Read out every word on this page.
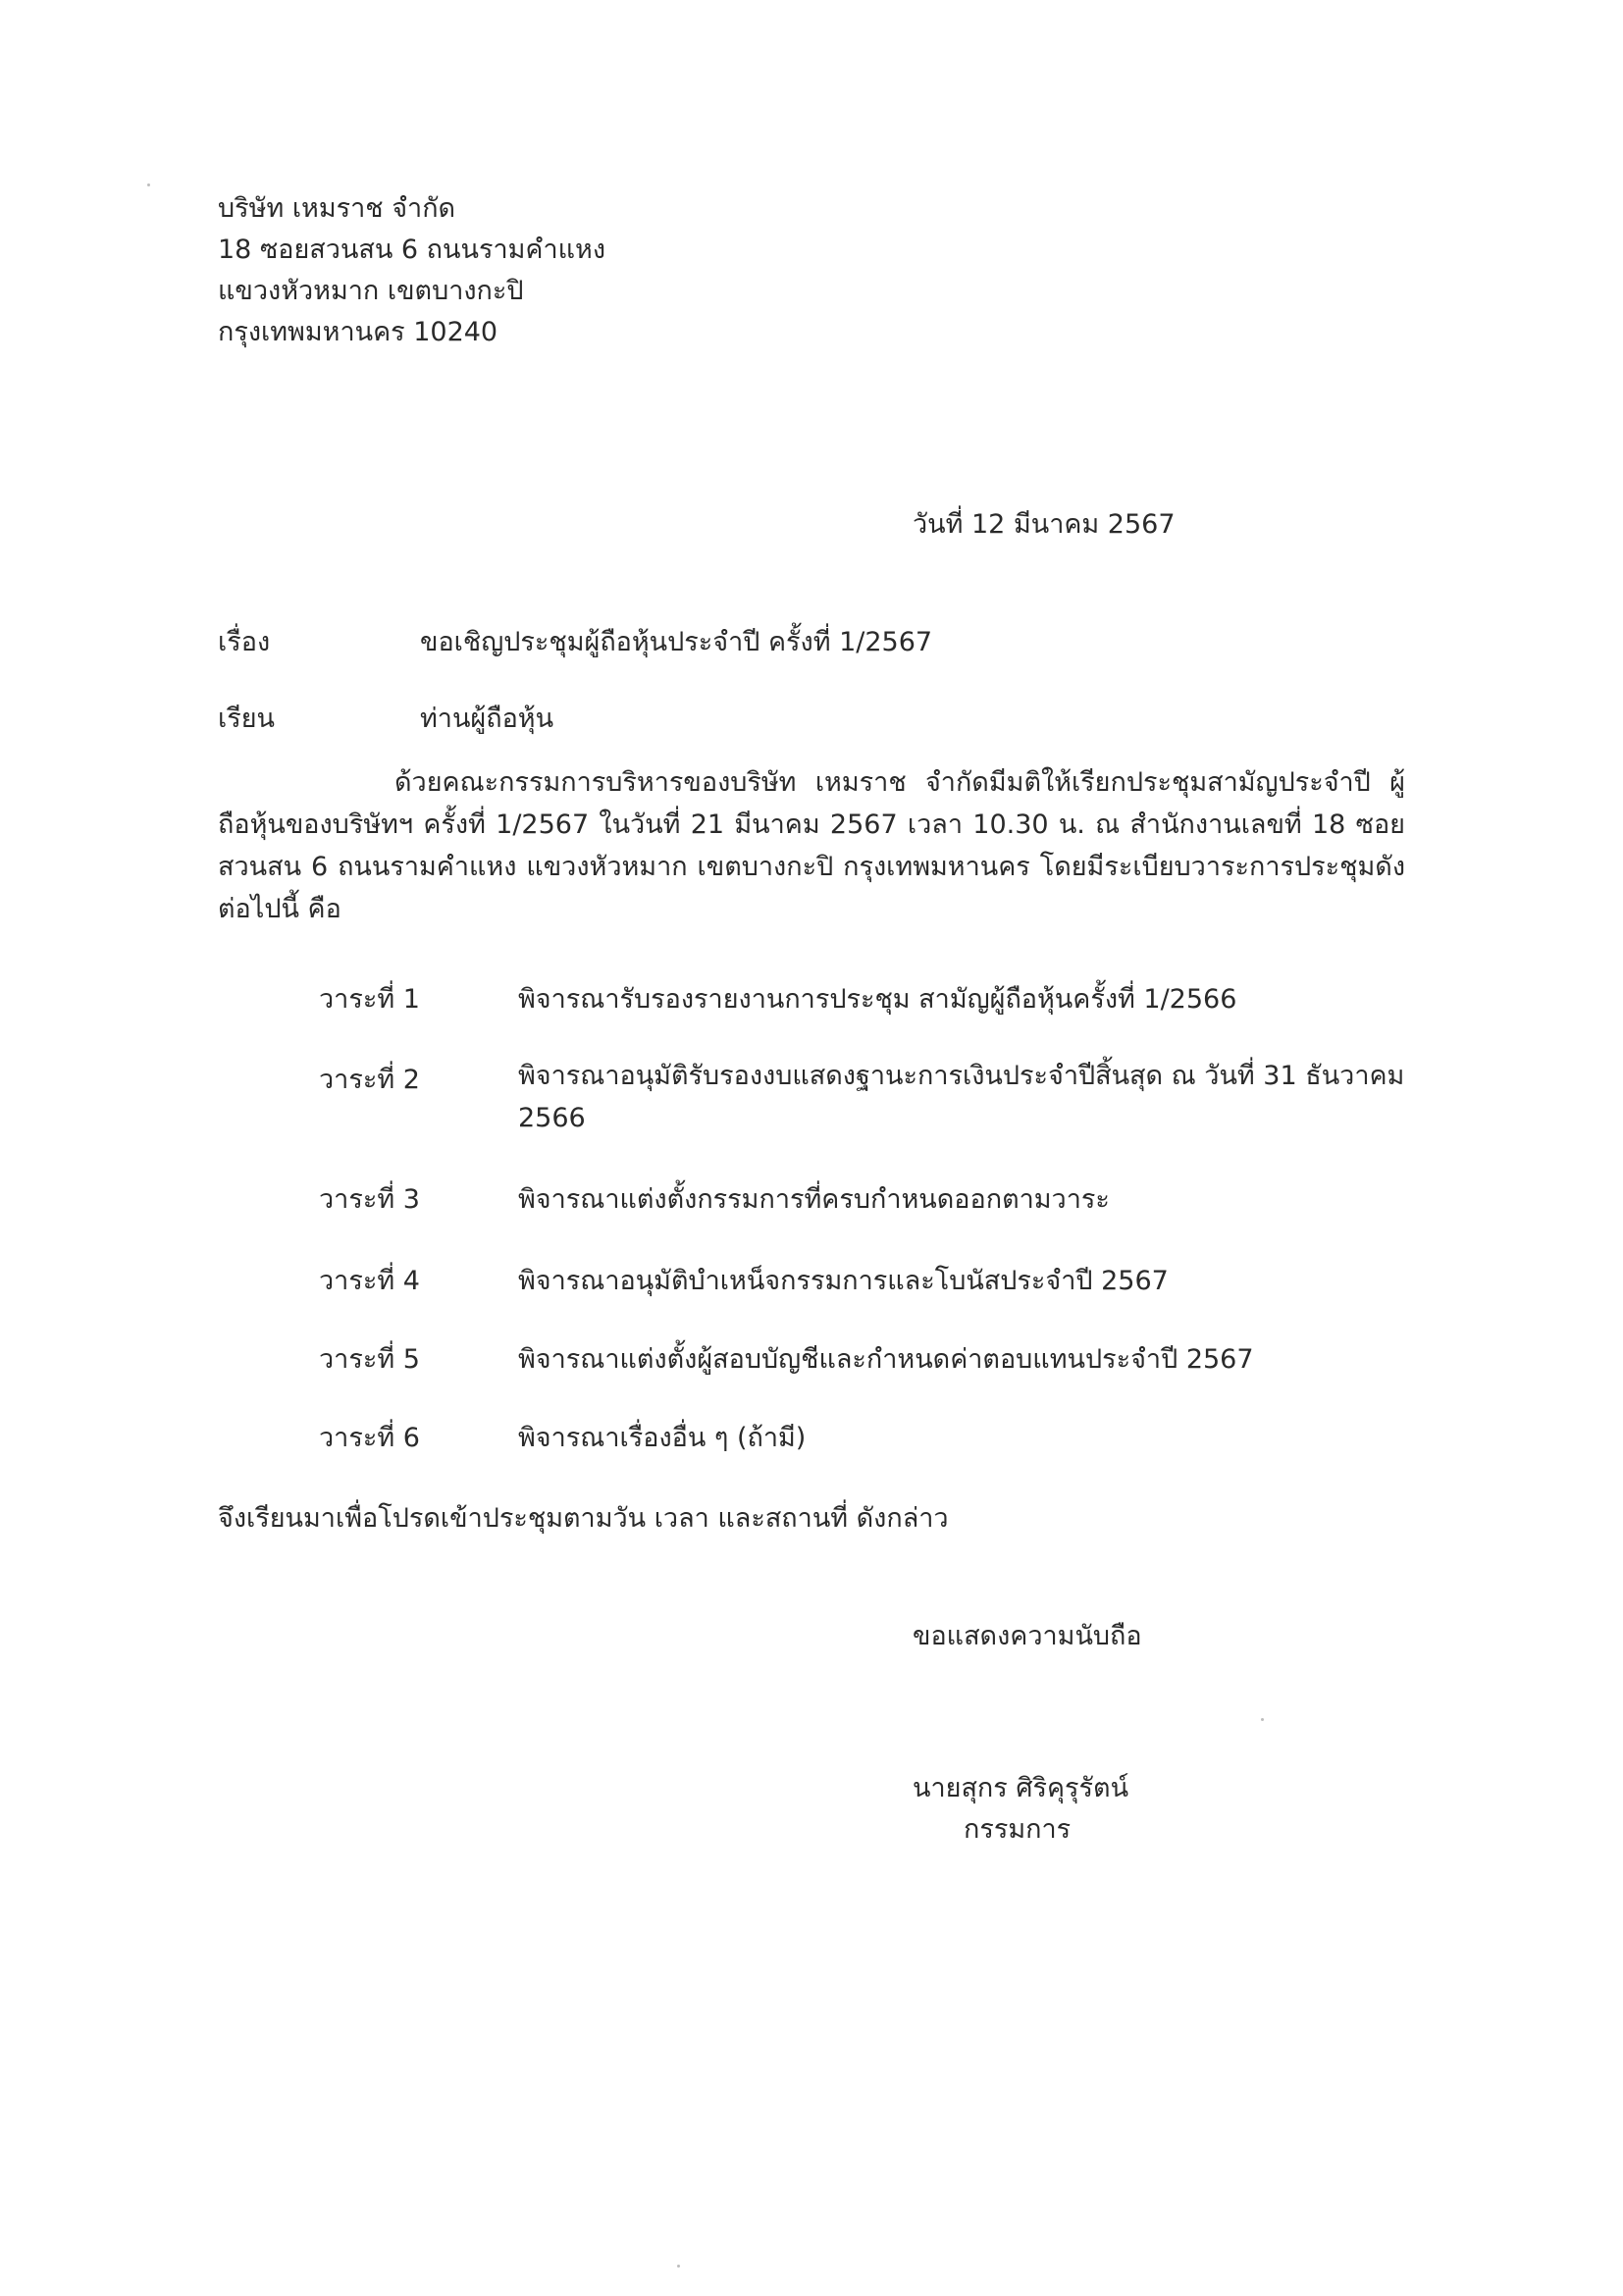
บริษัท เหมราช จำกัด
18 ซอยสวนสน 6 ถนนรามคำแหง
แขวงหัวหมาก เขตบางกะปิ
กรุงเทพมหานคร 10240
วันที่ 12 มีนาคม 2567
เรื่อง	ขอเชิญประชุมผู้ถือหุ้นประจำปี ครั้งที่ 1/2567
เรียน	ท่านผู้ถือหุ้น
ด้วยคณะกรรมการบริหารของบริษัท เหมราช จำกัดมีมติให้เรียกประชุมสามัญประจำปี ผู้ถือหุ้นของบริษัทฯ ครั้งที่ 1/2567 ในวันที่ 21 มีนาคม 2567 เวลา 10.30 น. ณ สำนักงานเลขที่ 18 ซอยสวนสน 6 ถนนรามคำแหง แขวงหัวหมาก เขตบางกะปิ กรุงเทพมหานคร โดยมีระเบียบวาระการประชุมดังต่อไปนี้ คือ
วาระที่ 1	พิจารณารับรองรายงานการประชุม สามัญผู้ถือหุ้นครั้งที่ 1/2566
วาระที่ 2	พิจารณาอนุมัติรับรองงบแสดงฐานะการเงินประจำปีสิ้นสุด ณ วันที่ 31 ธันวาคม 2566
วาระที่ 3	พิจารณาแต่งตั้งกรรมการที่ครบกำหนดออกตามวาระ
วาระที่ 4	พิจารณาอนุมัติบำเหน็จกรรมการและโบนัสประจำปี 2567
วาระที่ 5	พิจารณาแต่งตั้งผู้สอบบัญชีและกำหนดค่าตอบแทนประจำปี 2567
วาระที่ 6	พิจารณาเรื่องอื่น ๆ (ถ้ามี)
จึงเรียนมาเพื่อโปรดเข้าประชุมตามวัน เวลา และสถานที่ ดังกล่าว
ขอแสดงความนับถือ
นายสุกร ศิริคุรุรัตน์
กรรมการ
